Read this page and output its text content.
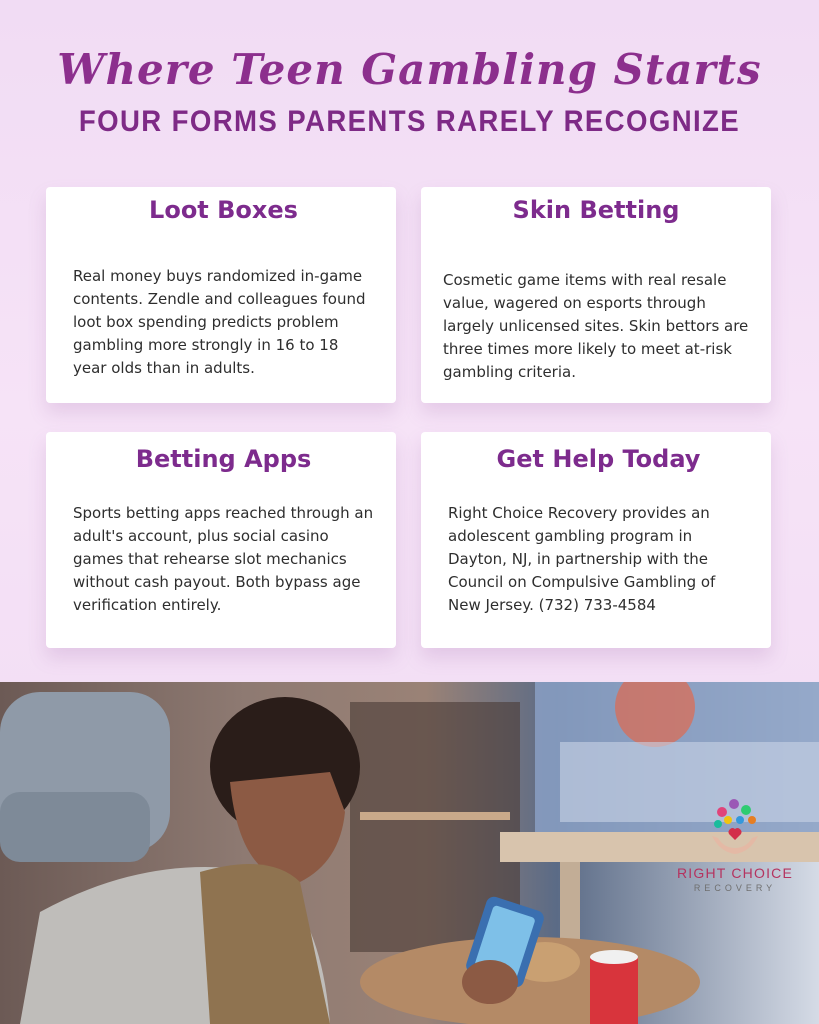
Where Teen Gambling Starts
FOUR FORMS PARENTS RARELY RECOGNIZE
Loot Boxes

Real money buys randomized in-game contents. Zendle and colleagues found loot box spending predicts problem gambling more strongly in 16 to 18 year olds than in adults.

Skin Betting

Cosmetic game items with real resale value, wagered on esports through largely unlicensed sites. Skin bettors are three times more likely to meet at-risk gambling criteria.

Betting Apps

Sports betting apps reached through an adult's account, plus social casino games that rehearse slot mechanics without cash payout. Both bypass age verification entirely.

Get Help Today

Right Choice Recovery provides an adolescent gambling program in Dayton, NJ, in partnership with the Council on Compulsive Gambling of New Jersey. (732) 733-4584

RIGHT CHOICE

RECOVERY
